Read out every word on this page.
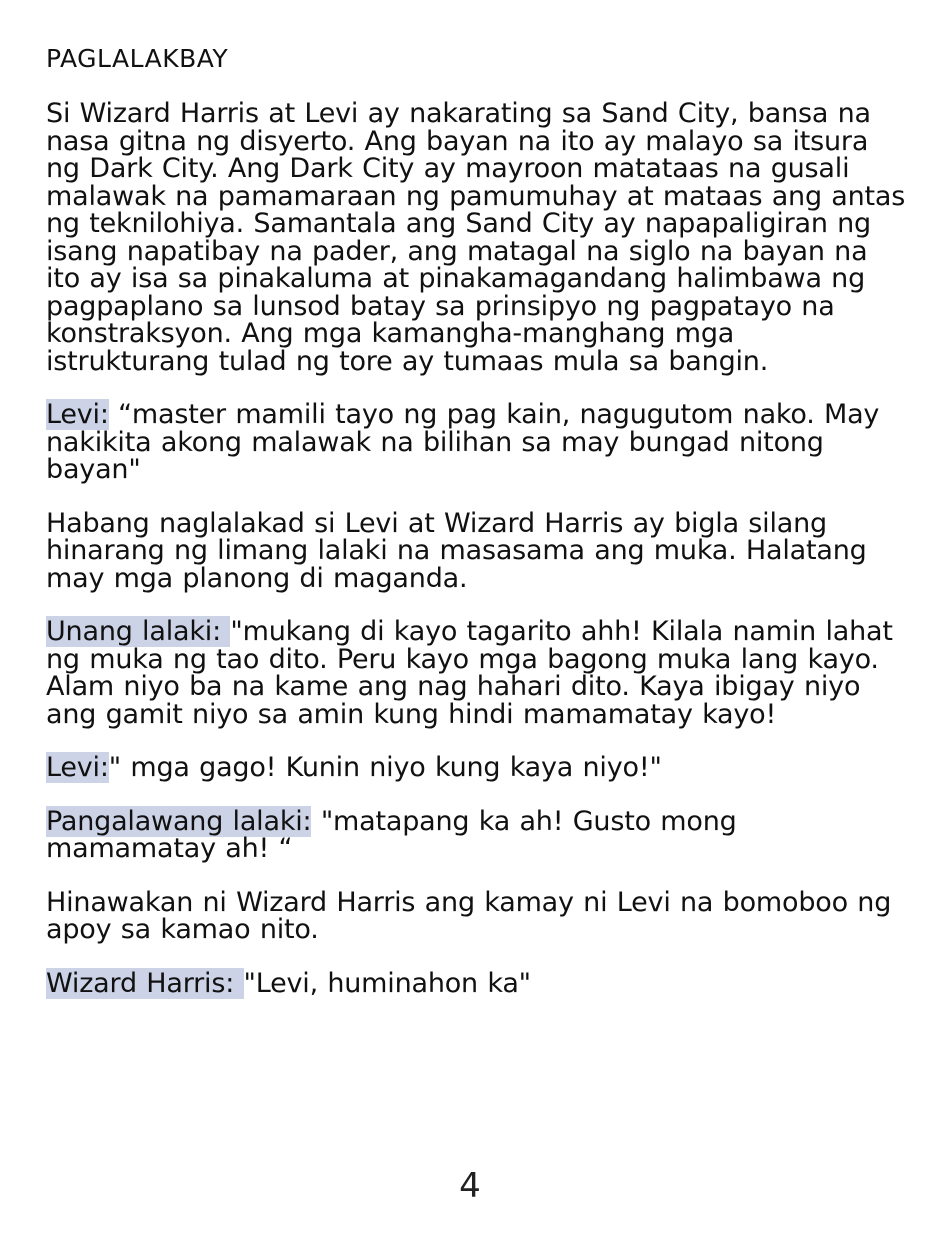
PAGLALAKBAY

Si Wizard Harris at Levi ay nakarating sa Sand City, bansa na nasa gitna ng disyerto. Ang bayan na ito ay malayo sa itsura ng Dark City. Ang Dark City ay mayroon matataas na gusali malawak na pamamaraan ng pamumuhay at mataas ang antas ng teknilohiya. Samantala ang Sand City ay napapaligiran ng isang napatibay na pader, ang matagal na siglo na bayan na ito ay isa sa pinakaluma at pinakamagandang halimbawa ng pagpaplano sa lunsod batay sa prinsipyo ng pagpatayo na konstraksyon. Ang mga kamangha-manghang mga istrukturang tulad ng tore ay tumaas mula sa bangin.

Levi: “master mamili tayo ng pag kain, nagugutom nako. May nakikita akong malawak na bilihan sa may bungad nitong bayan"

Habang naglalakad si Levi at Wizard Harris ay bigla silang hinarang ng limang lalaki na masasama ang muka. Halatang may mga planong di maganda.

Unang lalaki: "mukang di kayo tagarito ahh! Kilala namin lahat ng muka ng tao dito. Peru kayo mga bagong muka lang kayo. Alam niyo ba na kame ang nag hahari dito. Kaya ibigay niyo ang gamit niyo sa amin kung hindi mamamatay kayo!

Levi:" mga gago! Kunin niyo kung kaya niyo!"

Pangalawang lalaki: "matapang ka ah! Gusto mong mamamatay ah! “

Hinawakan ni Wizard Harris ang kamay ni Levi na bomoboo ng apoy sa kamao nito.

Wizard Harris: "Levi, huminahon ka"

4
